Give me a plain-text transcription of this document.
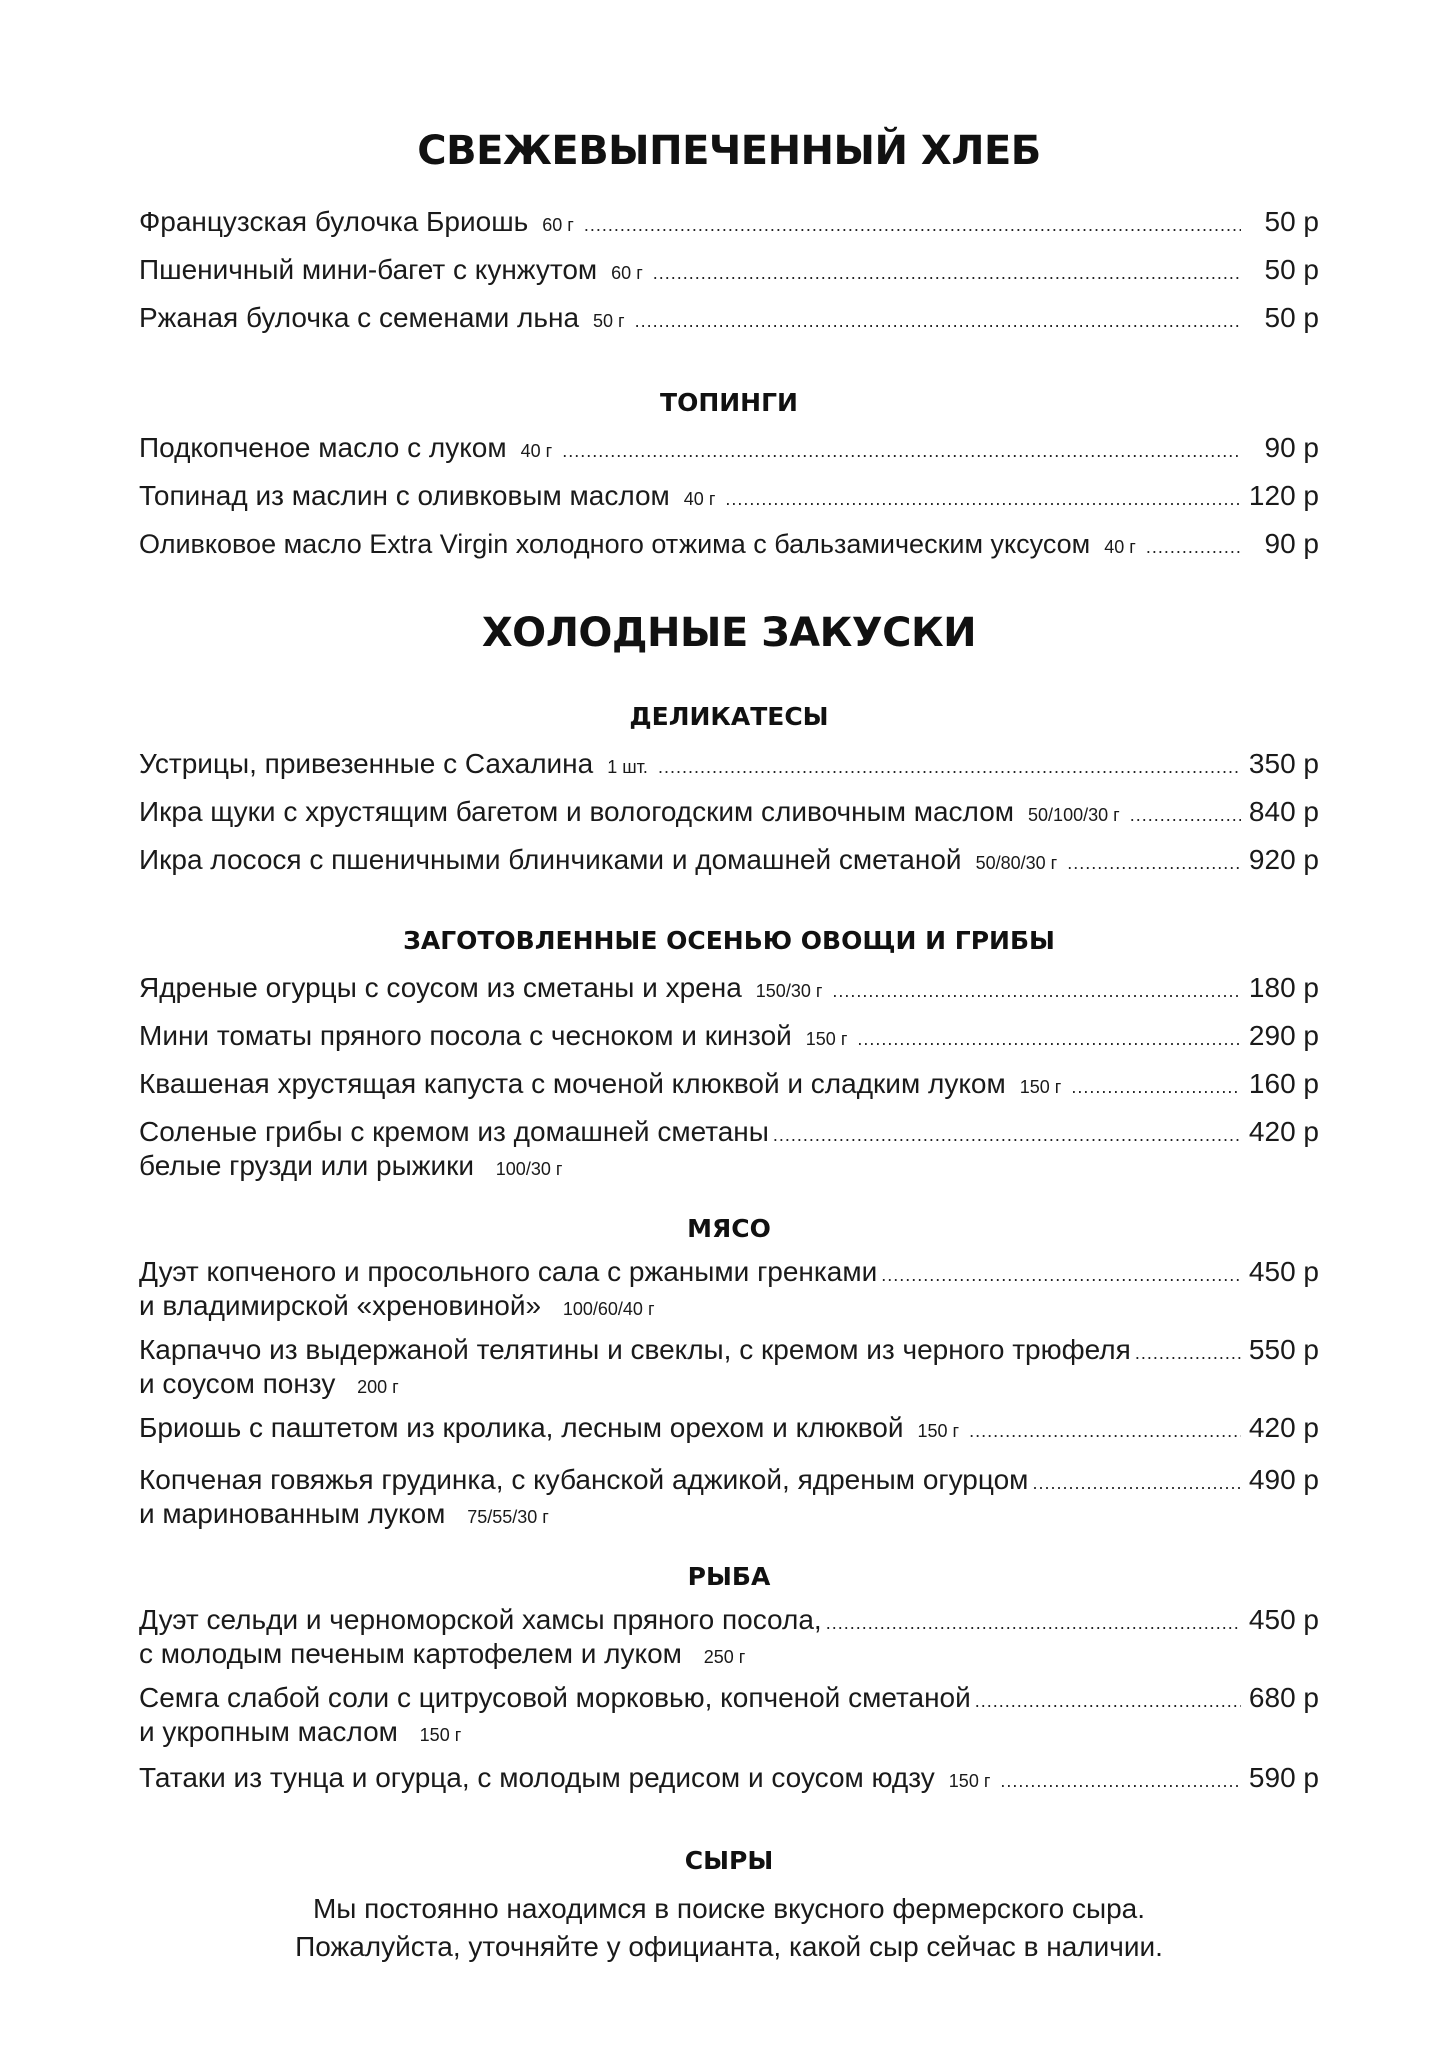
СВЕЖЕВЫПЕЧЕННЫЙ ХЛЕБ
Французская булочка Бриошь 60 г .....	50 р
Пшеничный мини-багет с кунжутом 60 г .....	50 р
Ржаная булочка с семенами льна 50 г .....	50 р
ТОПИНГИ
Подкопченое масло с луком 40 г .....	90 р
Топинад из маслин с оливковым маслом 40 г .....	120 р
Оливковое масло Extra Virgin холодного отжима с бальзамическим уксусом 40 г .....	90 р
ХОЛОДНЫЕ ЗАКУСКИ
ДЕЛИКАТЕСЫ
Устрицы, привезенные с Сахалина 1 шт. .....	350 р
Икра щуки с хрустящим багетом и вологодским сливочным маслом 50/100/30 г .....	840 р
Икра лосося с пшеничными блинчиками и домашней сметаной 50/80/30 г .....	920 р
ЗАГОТОВЛЕННЫЕ ОСЕНЬЮ ОВОЩИ И ГРИБЫ
Ядреные огурцы с соусом из сметаны и хрена 150/30 г .....	180 р
Мини томаты пряного посола с чесноком и кинзой 150 г .....	290 р
Квашеная хрустящая капуста с моченой клюквой и сладким луком 150 г .....	160 р
Соленые грибы с кремом из домашней сметаны .....	420 р
белые грузди или рыжики 100/30 г
МЯСО
Дуэт копченого и просольного сала с ржаными гренками .....	450 р
и владимирской «хреновиной» 100/60/40 г
Карпаччо из выдержаной телятины и свеклы, с кремом из черного трюфеля .....	550 р
и соусом понзу 200 г
Бриошь с паштетом из кролика, лесным орехом и клюквой 150 г .....	420 р
Копченая говяжья грудинка, с кубанской аджикой, ядреным огурцом .....	490 р
и маринованным луком 75/55/30 г
РЫБА
Дуэт сельди и черноморской хамсы пряного посола, .....	450 р
с молодым печеным картофелем и луком 250 г
Семга слабой соли с цитрусовой морковью, копченой сметаной .....	680 р
и укропным маслом 150 г
Татаки из тунца и огурца, с молодым редисом и соусом юдзу 150 г .....	590 р
СЫРЫ

Мы постоянно находимся в поиске вкусного фермерского сыра.

Пожалуйста, уточняйте у официанта, какой сыр сейчас в наличии.
